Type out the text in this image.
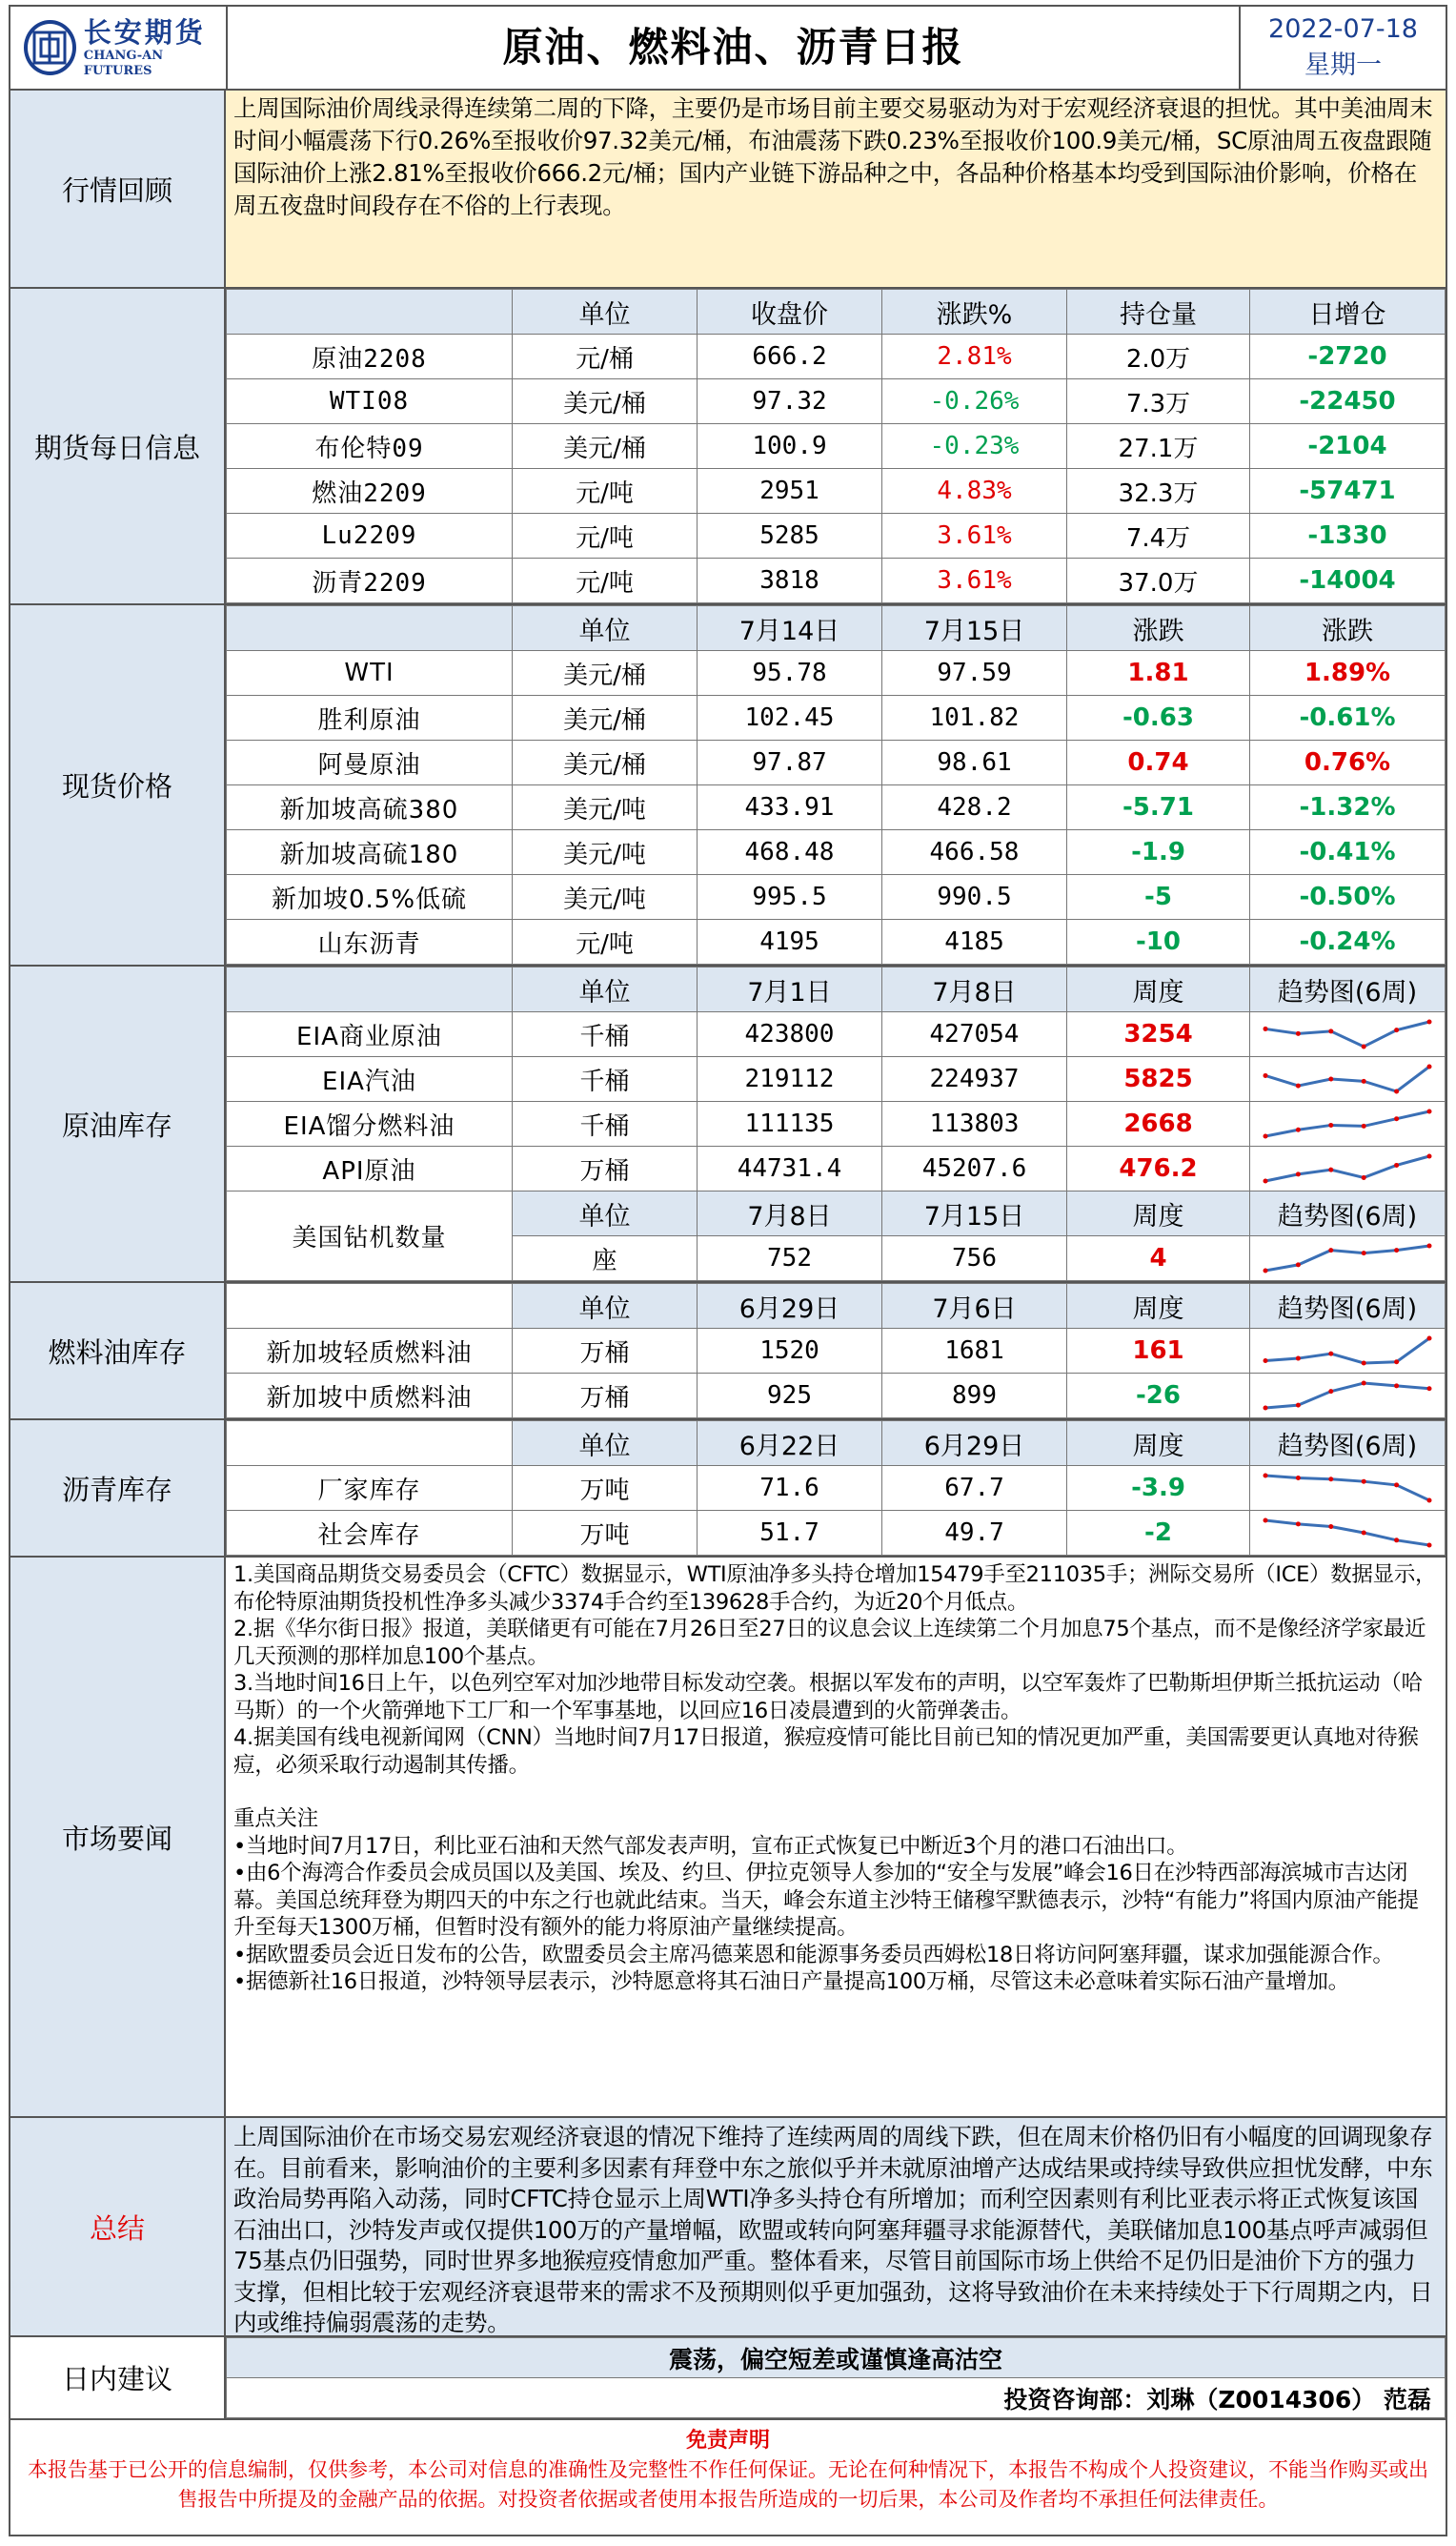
长安期货
CHANG-AN FUTURES
原油、燃料油、沥青日报	2022-07-18
星期一
行情回顾
上周国际油价周线录得连续第二周的下降，主要仍是市场目前主要交易驱动为对于宏观经济衰退的担忧。其中美油周末时间小幅震荡下行0.26%至报收价97.32美元/桶，布油震荡下跌0.23%至报收价100.9美元/桶，SC原油周五夜盘跟随国际油价上涨2.81%至报收价666.2元/桶；国内产业链下游品种之中，各品种价格基本均受到国际油价影响，价格在周五夜盘时间段存在不俗的上行表现。
期货每日信息
	单位	收盘价	涨跌%	持仓量	日增仓
原油2208	元/桶	666.2	2.81%	2.0万	-2720
WTI08	美元/桶	97.32	-0.26%	7.3万	-22450
布伦特09	美元/桶	100.9	-0.23%	27.1万	-2104
燃油2209	元/吨	2951	4.83%	32.3万	-57471
Lu2209	元/吨	5285	3.61%	7.4万	-1330
沥青2209	元/吨	3818	3.61%	37.0万	-14004
现货价格
	单位	7月14日	7月15日	涨跌	涨跌
WTI	美元/桶	95.78	97.59	1.81	1.89%
胜利原油	美元/桶	102.45	101.82	-0.63	-0.61%
阿曼原油	美元/桶	97.87	98.61	0.74	0.76%
新加坡高硫380	美元/吨	433.91	428.2	-5.71	-1.32%
新加坡高硫180	美元/吨	468.48	466.58	-1.9	-0.41%
新加坡0.5%低硫	美元/吨	995.5	990.5	-5	-0.50%
山东沥青	元/吨	4195	4185	-10	-0.24%
原油库存
	单位	7月1日	7月8日	周度	趋势图(6周)
EIA商业原油	千桶	423800	427054	3254	

EIA汽油	千桶	219112	224937	5825	

EIA馏分燃料油	千桶	111135	113803	2668	

API原油	万桶	44731.4	45207.6	476.2	

美国钻机数量	单位	7月8日	7月15日	周度	趋势图(6周)
	座	752	756	4	
燃料油库存
	单位	6月29日	7月6日	周度	趋势图(6周)
新加坡轻质燃料油	万桶	1520	1681	161	

新加坡中质燃料油	万桶	925	899	-26	
沥青库存
	单位	6月22日	6月29日	周度	趋势图(6周)
厂家库存	万吨	71.6	67.7	-3.9	

社会库存	万吨	51.7	49.7	-2	
市场要闻

1.美国商品期货交易委员会（CFTC）数据显示，WTI原油净多头持仓增加15479手至211035手；洲际交易所（ICE）数据显示，布伦特原油期货投机性净多头减少3374手合约至139628手合约，为近20个月低点。

2.据《华尔街日报》报道，美联储更有可能在7月26日至27日的议息会议上连续第二个月加息75个基点，而不是像经济学家最近几天预测的那样加息100个基点。

3.当地时间16日上午，以色列空军对加沙地带目标发动空袭。根据以军发布的声明，以空军轰炸了巴勒斯坦伊斯兰抵抗运动（哈马斯）的一个火箭弹地下工厂和一个军事基地，以回应16日凌晨遭到的火箭弹袭击。

4.据美国有线电视新闻网（CNN）当地时间7月17日报道，猴痘疫情可能比目前已知的情况更加严重，美国需要更认真地对待猴痘，必须采取行动遏制其传播。

重点关注

•当地时间7月17日，利比亚石油和天然气部发表声明，宣布正式恢复已中断近3个月的港口石油出口。

•由6个海湾合作委员会成员国以及美国、埃及、约旦、伊拉克领导人参加的“安全与发展”峰会16日在沙特西部海滨城市吉达闭幕。美国总统拜登为期四天的中东之行也就此结束。当天，峰会东道主沙特王储穆罕默德表示，沙特“有能力”将国内原油产能提升至每天1300万桶，但暂时没有额外的能力将原油产量继续提高。

•据欧盟委员会近日发布的公告，欧盟委员会主席冯德莱恩和能源事务委员西姆松18日将访问阿塞拜疆，谋求加强能源合作。

•据德新社16日报道，沙特领导层表示，沙特愿意将其石油日产量提高100万桶，尽管这未必意味着实际石油产量增加。

总结
上周国际油价在市场交易宏观经济衰退的情况下维持了连续两周的周线下跌，但在周末价格仍旧有小幅度的回调现象存在。目前看来，影响油价的主要利多因素有拜登中东之旅似乎并未就原油增产达成结果或持续导致供应担忧发酵，中东政治局势再陷入动荡，同时CFTC持仓显示上周WTI净多头持仓有所增加；而利空因素则有利比亚表示将正式恢复该国石油出口，沙特发声或仅提供100万的产量增幅，欧盟或转向阿塞拜疆寻求能源替代，美联储加息100基点呼声减弱但75基点仍旧强势，同时世界多地猴痘疫情愈加严重。整体看来，尽管目前国际市场上供给不足仍旧是油价下方的强力支撑，但相比较于宏观经济衰退带来的需求不及预期则似乎更加强劲，这将导致油价在未来持续处于下行周期之内，日内或维持偏弱震荡的走势。
日内建议
震荡，偏空短差或谨慎逢高沽空
投资咨询部：刘琳（Z0014306） 范磊
免责声明
本报告基于已公开的信息编制，仅供参考，本公司对信息的准确性及完整性不作任何保证。无论在何种情况下，本报告不构成个人投资建议，不能当作购买或出售报告中所提及的金融产品的依据。对投资者依据或者使用本报告所造成的一切后果，本公司及作者均不承担任何法律责任。
